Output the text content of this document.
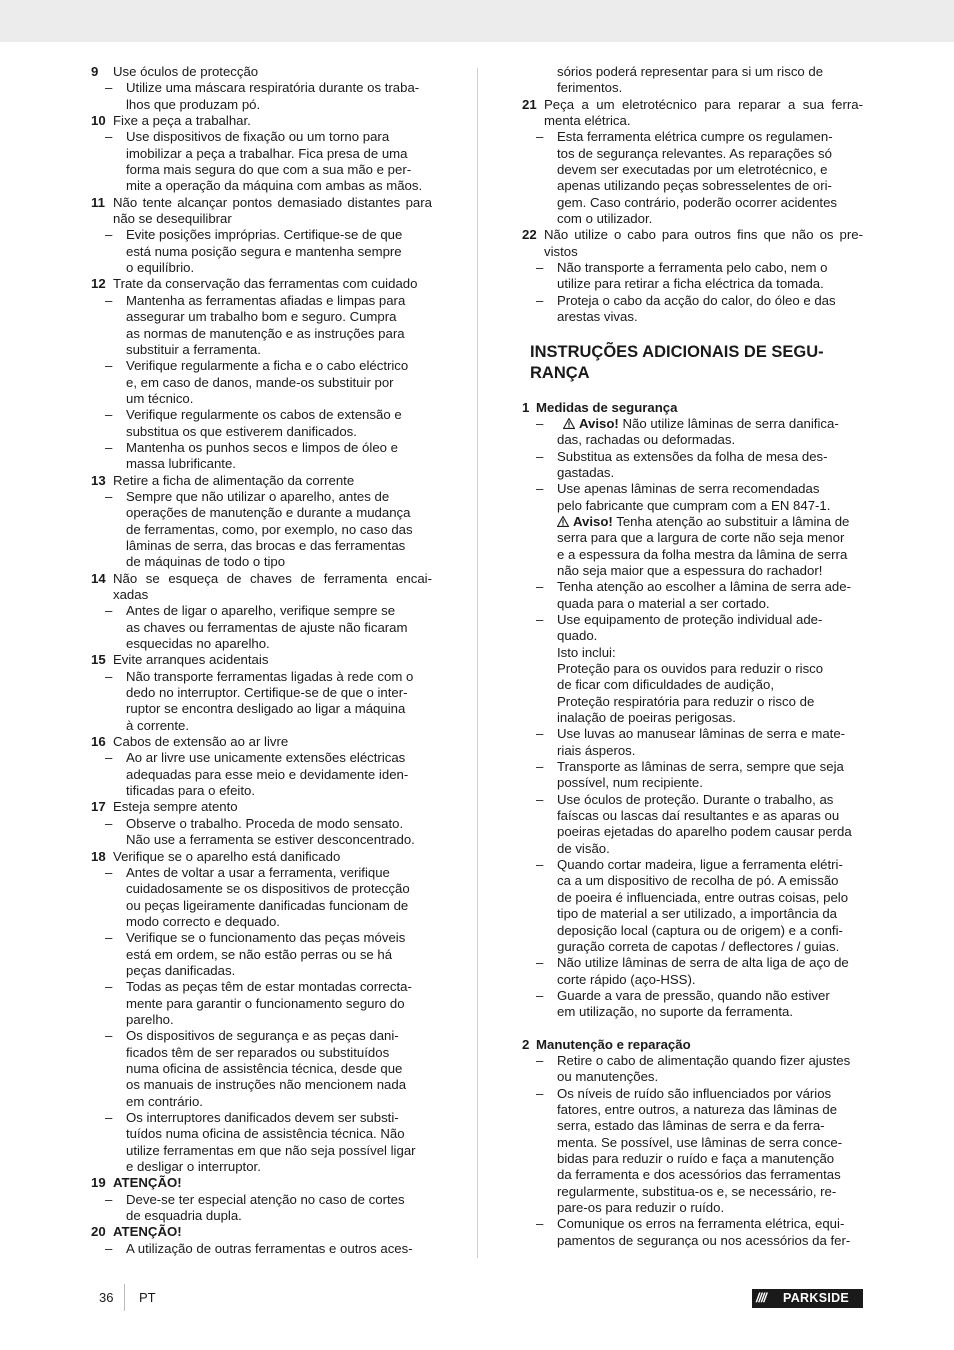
9 Use óculos de protecção
– Utilize uma máscara respiratória durante os traba-
lhos que produzam pó.
10 Fixe a peça a trabalhar.
– Use dispositivos de fixação ou um torno para
imobilizar a peça a trabalhar. Fica presa de uma
forma mais segura do que com a sua mão e per-
mite a operação da máquina com ambas as mãos.
11 Não tente alcançar pontos demasiado distantes para não se desequilibrar
– Evite posições impróprias. Certifique-se de que
está numa posição segura e mantenha sempre
o equilíbrio.
12 Trate da conservação das ferramentas com cuidado
– Mantenha as ferramentas afiadas e limpas para
assegurar um trabalho bom e seguro. Cumpra
as normas de manutenção e as instruções para
substituir a ferramenta.
– Verifique regularmente a ficha e o cabo eléctrico
e, em caso de danos, mande-os substituir por
um técnico.
– Verifique regularmente os cabos de extensão e
substitua os que estiverem danificados.
– Mantenha os punhos secos e limpos de óleo e
massa lubrificante.
13 Retire a ficha de alimentação da corrente
– Sempre que não utilizar o aparelho, antes de
operações de manutenção e durante a mudança
de ferramentas, como, por exemplo, no caso das
lâminas de serra, das brocas e das ferramentas
de máquinas de todo o tipo
14 Não se esqueça de chaves de ferramenta encai-xadas
– Antes de ligar o aparelho, verifique sempre se
as chaves ou ferramentas de ajuste não ficaram
esquecidas no aparelho.
15 Evite arranques acidentais
– Não transporte ferramentas ligadas à rede com o
dedo no interruptor. Certifique-se de que o inter-
ruptor se encontra desligado ao ligar a máquina
à corrente.
16 Cabos de extensão ao ar livre
– Ao ar livre use unicamente extensões eléctricas
adequadas para esse meio e devidamente iden-
tificadas para o efeito.
17 Esteja sempre atento
– Observe o trabalho. Proceda de modo sensato.
Não use a ferramenta se estiver desconcentrado.
18 Verifique se o aparelho está danificado
– Antes de voltar a usar a ferramenta, verifique
cuidadosamente se os dispositivos de protecção
ou peças ligeiramente danificadas funcionam de
modo correcto e dequado.
– Verifique se o funcionamento das peças móveis
está em ordem, se não estão perras ou se há
peças danificadas.
– Todas as peças têm de estar montadas correcta-
mente para garantir o funcionamento seguro do
parelho.
– Os dispositivos de segurança e as peças dani-
ficados têm de ser reparados ou substituídos
numa oficina de assistência técnica, desde que
os manuais de instruções não mencionem nada
em contrário.
– Os interruptores danificados devem ser substi-
tuídos numa oficina de assistência técnica. Não
utilize ferramentas em que não seja possível ligar
e desligar o interruptor.
19 ATENÇÃO!
– Deve-se ter especial atenção no caso de cortes
de esquadria dupla.
20 ATENÇÃO!
– A utilização de outras ferramentas e outros aces-
sórios poderá representar para si um risco de
ferimentos.
21 Peça a um eletrotécnico para reparar a sua ferra-menta elétrica.
– Esta ferramenta elétrica cumpre os regulamen-
tos de segurança relevantes. As reparações só
devem ser executadas por um eletrotécnico, e
apenas utilizando peças sobresselentes de ori-
gem. Caso contrário, poderão ocorrer acidentes
com o utilizador.
22 Não utilize o cabo para outros fins que não os pre-vistos
– Não transporte a ferramenta pelo cabo, nem o
utilize para retirar a ficha eléctrica da tomada.
– Proteja o cabo da acção do calor, do óleo e das
arestas vivas.
INSTRUÇÕES ADICIONAIS DE SEGU-
RANÇA
1 Medidas de segurança
–	Aviso! Não utilize lâminas de serra danifica-
das, rachadas ou deformadas.
– Substitua as extensões da folha de mesa des-
gastadas.
– Use apenas lâminas de serra recomendadas
pelo fabricante que cumpram com a EN 847-1.
Aviso! Tenha atenção ao substituir a lâmina de
serra para que a largura de corte não seja menor
e a espessura da folha mestra da lâmina de serra
não seja maior que a espessura do rachador!
– Tenha atenção ao escolher a lâmina de serra ade-
quada para o material a ser cortado.
– Use equipamento de proteção individual ade-
quado.
Isto inclui:
Proteção para os ouvidos para reduzir o risco
de ficar com dificuldades de audição,
Proteção respiratória para reduzir o risco de
inalação de poeiras perigosas.
– Use luvas ao manusear lâminas de serra e mate-
riais ásperos.
– Transporte as lâminas de serra, sempre que seja
possível, num recipiente.
– Use óculos de proteção. Durante o trabalho, as
faíscas ou lascas daí resultantes e as aparas ou
poeiras ejetadas do aparelho podem causar perda
de visão.
– Quando cortar madeira, ligue a ferramenta elétri-
ca a um dispositivo de recolha de pó. A emissão
de poeira é influenciada, entre outras coisas, pelo
tipo de material a ser utilizado, a importância da
deposição local (captura ou de origem) e a confi-
guração correta de capotas / deflectores / guias.
– Não utilize lâminas de serra de alta liga de aço de
corte rápido (aço-HSS).
– Guarde a vara de pressão, quando não estiver
em utilização, no suporte da ferramenta.
2 Manutenção e reparação
– Retire o cabo de alimentação quando fizer ajustes
ou manutenções.
– Os níveis de ruído são influenciados por vários
fatores, entre outros, a natureza das lâminas de
serra, estado das lâminas de serra e da ferra-
menta. Se possível, use lâminas de serra conce-
bidas para reduzir o ruído e faça a manutenção
da ferramenta e dos acessórios das ferramentas
regularmente, substitua-os e, se necessário, re-
pare-os para reduzir o ruído.
– Comunique os erros na ferramenta elétrica, equi-
pamentos de segurança ou nos acessórios da fer-
36 PT	//// PARKSIDE
